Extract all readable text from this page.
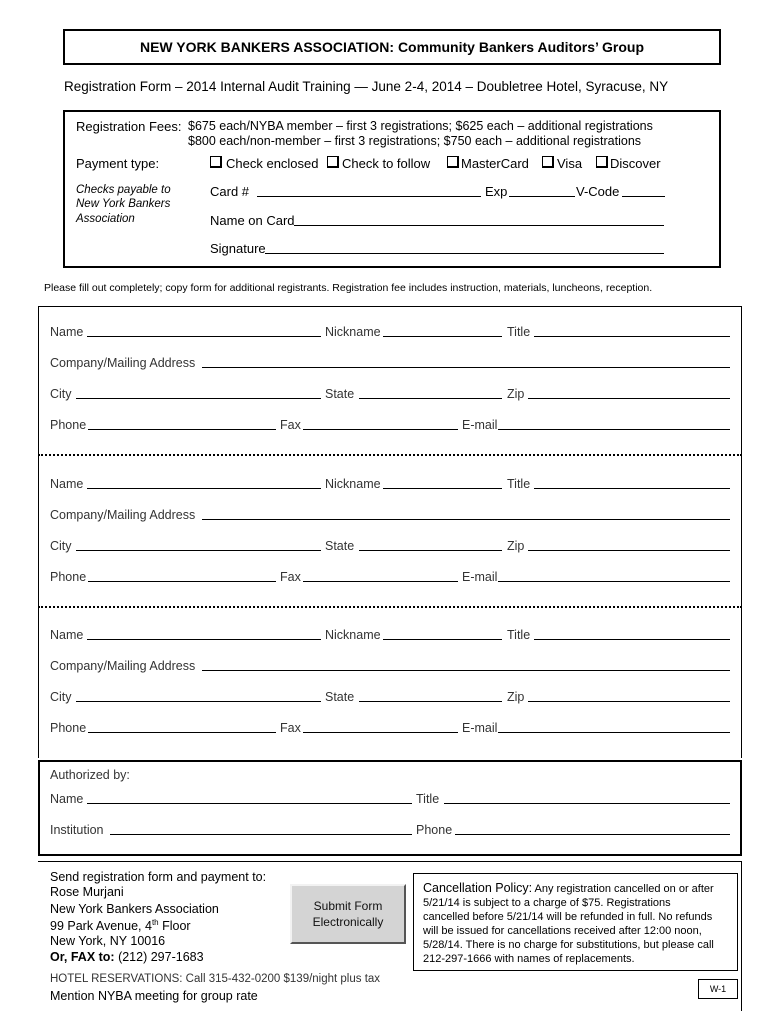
NEW YORK BANKERS ASSOCIATION: Community Bankers Auditors’ Group
Registration Form – 2014 Internal Audit Training — June 2-4, 2014 – Doubletree Hotel, Syracuse, NY
Registration Fees: $675 each/NYBA member – first 3 registrations; $625 each – additional registrations
$800 each/non-member – first 3 registrations; $750 each – additional registrations
Payment type:	Check enclosed Check to follow MasterCard Visa Discover
Checks payable to
New York Bankers
Association
Card #	Exp	V-Code
Name on Card
Signature
Please fill out completely; copy form for additional registrants. Registration fee includes instruction, materials, luncheons, reception.
Name	Nickname	Title
Company/Mailing Address
City	State	Zip
Phone	Fax	E-mail
Name	Nickname	Title
Company/Mailing Address
City	State	Zip
Phone	Fax	E-mail
Name	Nickname	Title
Company/Mailing Address
City	State	Zip
Phone	Fax	E-mail
Authorized by:
Name	Title
Institution	Phone
Send registration form and payment to:
Rose Murjani
New York Bankers Association
99 Park Avenue, 4th Floor
New York, NY 10016
Or, FAX to: (212) 297-1683
HOTEL RESERVATIONS: Call 315-432-0200 $139/night plus tax
Mention NYBA meeting for group rate
Submit Form
Electronically
Cancellation Policy: Any registration cancelled on or after
5/21/14 is subject to a charge of $75. Registrations
cancelled before 5/21/14 will be refunded in full. No refunds
will be issued for cancellations received after 12:00 noon,
5/28/14. There is no charge for substitutions, but please call
212-297-1666 with names of replacements.
W-1
